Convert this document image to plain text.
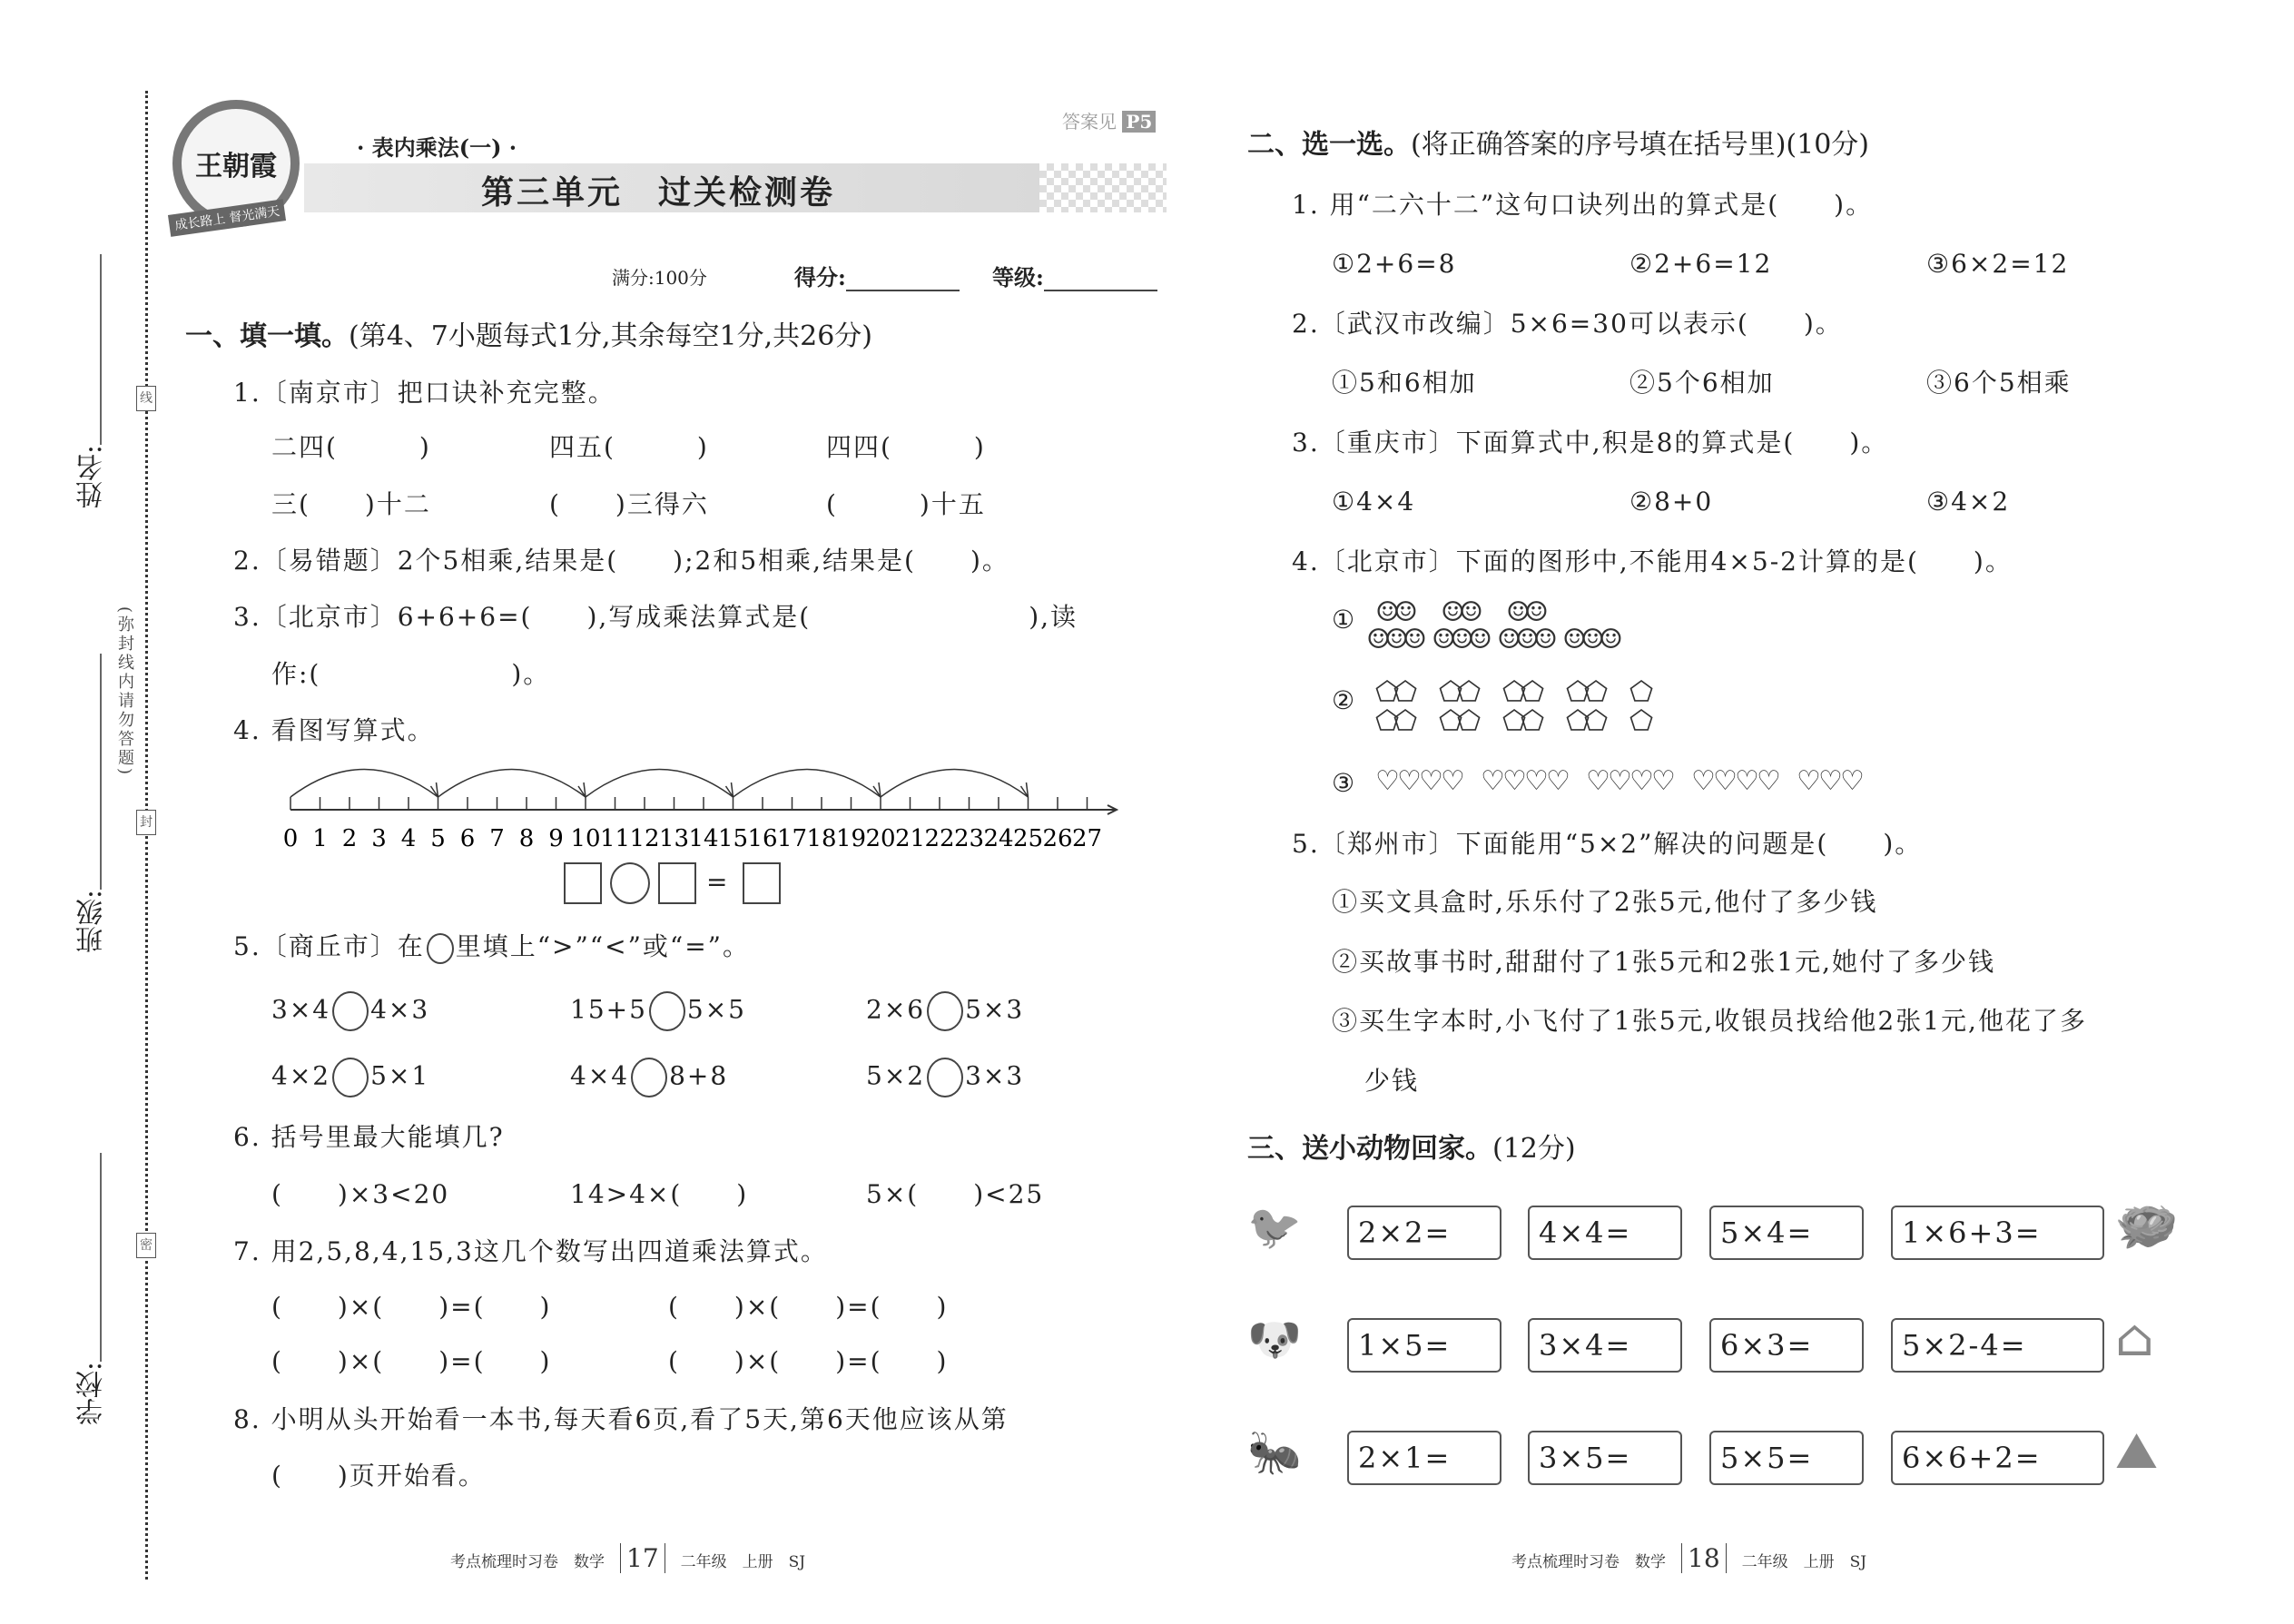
线
封
密
姓名:
(弥封线内请勿答题)
班级:
学校:
王朝霞
成长路上 督光满天
· 表内乘法(一) ·
第三单元　过关检测卷
答案见 P5
满分:100分	得分:	等级:
一、填一填。(第4、7小题每式1分,其余每空1分,共26分)
1.〔南京市〕把口诀补充完整。
二四(　　　)	四五(　　　)	四四(　　　)
三(　　)十二	(　　)三得六	(　　　)十五
2.〔易错题〕2个5相乘,结果是(　　);2和5相乘,结果是(　　)。
3.〔北京市〕6+6+6=(　　),写成乘法算式是(　　　　　　　　),读
作:(　　　　　　　)。
4. 看图写算式。
0 1 2 3 4 5 6 7 8 9 10 11 12 13 14 15 16 17 18 19 20 21 22 23 24 25 26 27
=
5.〔商丘市〕在 里填上“>”“<”或“=”。
6. 括号里最大能填几?
(　　)×3<20	14>4×(　　)	5×(　　)<25
7. 用2,5,8,4,15,3这几个数写出四道乘法算式。
(　　)×(　　)=(　　)	(　　)×(　　)=(　　)
(　　)×(　　)=(　　)	(　　)×(　　)=(　　)
8. 小明从头开始看一本书,每天看6页,看了5天,第6天他应该从第
(　　)页开始看。
二、选一选。(将正确答案的序号填在括号里)(10分)
1. 用“二六十二”这句口诀列出的算式是(　　)。
①2+6=8	②2+6=12	③6×2=12
2.〔武汉市改编〕5×6=30可以表示(　　)。
①5和6相加	②5个6相加	③6个5相乘
3.〔重庆市〕下面算式中,积是8的算式是(　　)。
①4×4	②8+0	③4×2
4.〔北京市〕下面的图形中,不能用4×5-2计算的是(　　)。
①
②
③
5.〔郑州市〕下面能用“5×2”解决的问题是(　　)。
①买文具盒时,乐乐付了2张5元,他付了多少钱
②买故事书时,甜甜付了1张5元和2张1元,她付了多少钱
③买生字本时,小飞付了1张5元,收银员找给他2张1元,他花了多
少钱
三、送小动物回家。(12分)
考点梳理时习卷　数学　 17　 二年级　上册　SJ	考点梳理时习卷　数学　 18　 二年级　上册　SJ
3×4 4×3	15+5 5×5	2×6 5×3
4×2 5×1	4×4 8+8	5×2 3×3
☺
☺
☺
☺
☺
☺
☺
☺
☺
☺
☺
☺
☺
☺
☺
☺
☺
☺
⬠
⬠
⬠
⬠
⬠
⬠
⬠
⬠
⬠
⬠
⬠
⬠
⬠
⬠
⬠
⬠
⬠
⬠
♡
♡
♡
♡ ♡
♡
♡
♡ ♡
♡
♡
♡ ♡
♡
♡
♡ ♡
♡
♡
🐦	2×2=	4×4=	5×4=	1×6+3=	🪺
🐶	1×5=	3×4=	6×3=	5×2-4=	⌂
🐜	2×1=	3×5=	5×5=	6×6+2=	⛰
